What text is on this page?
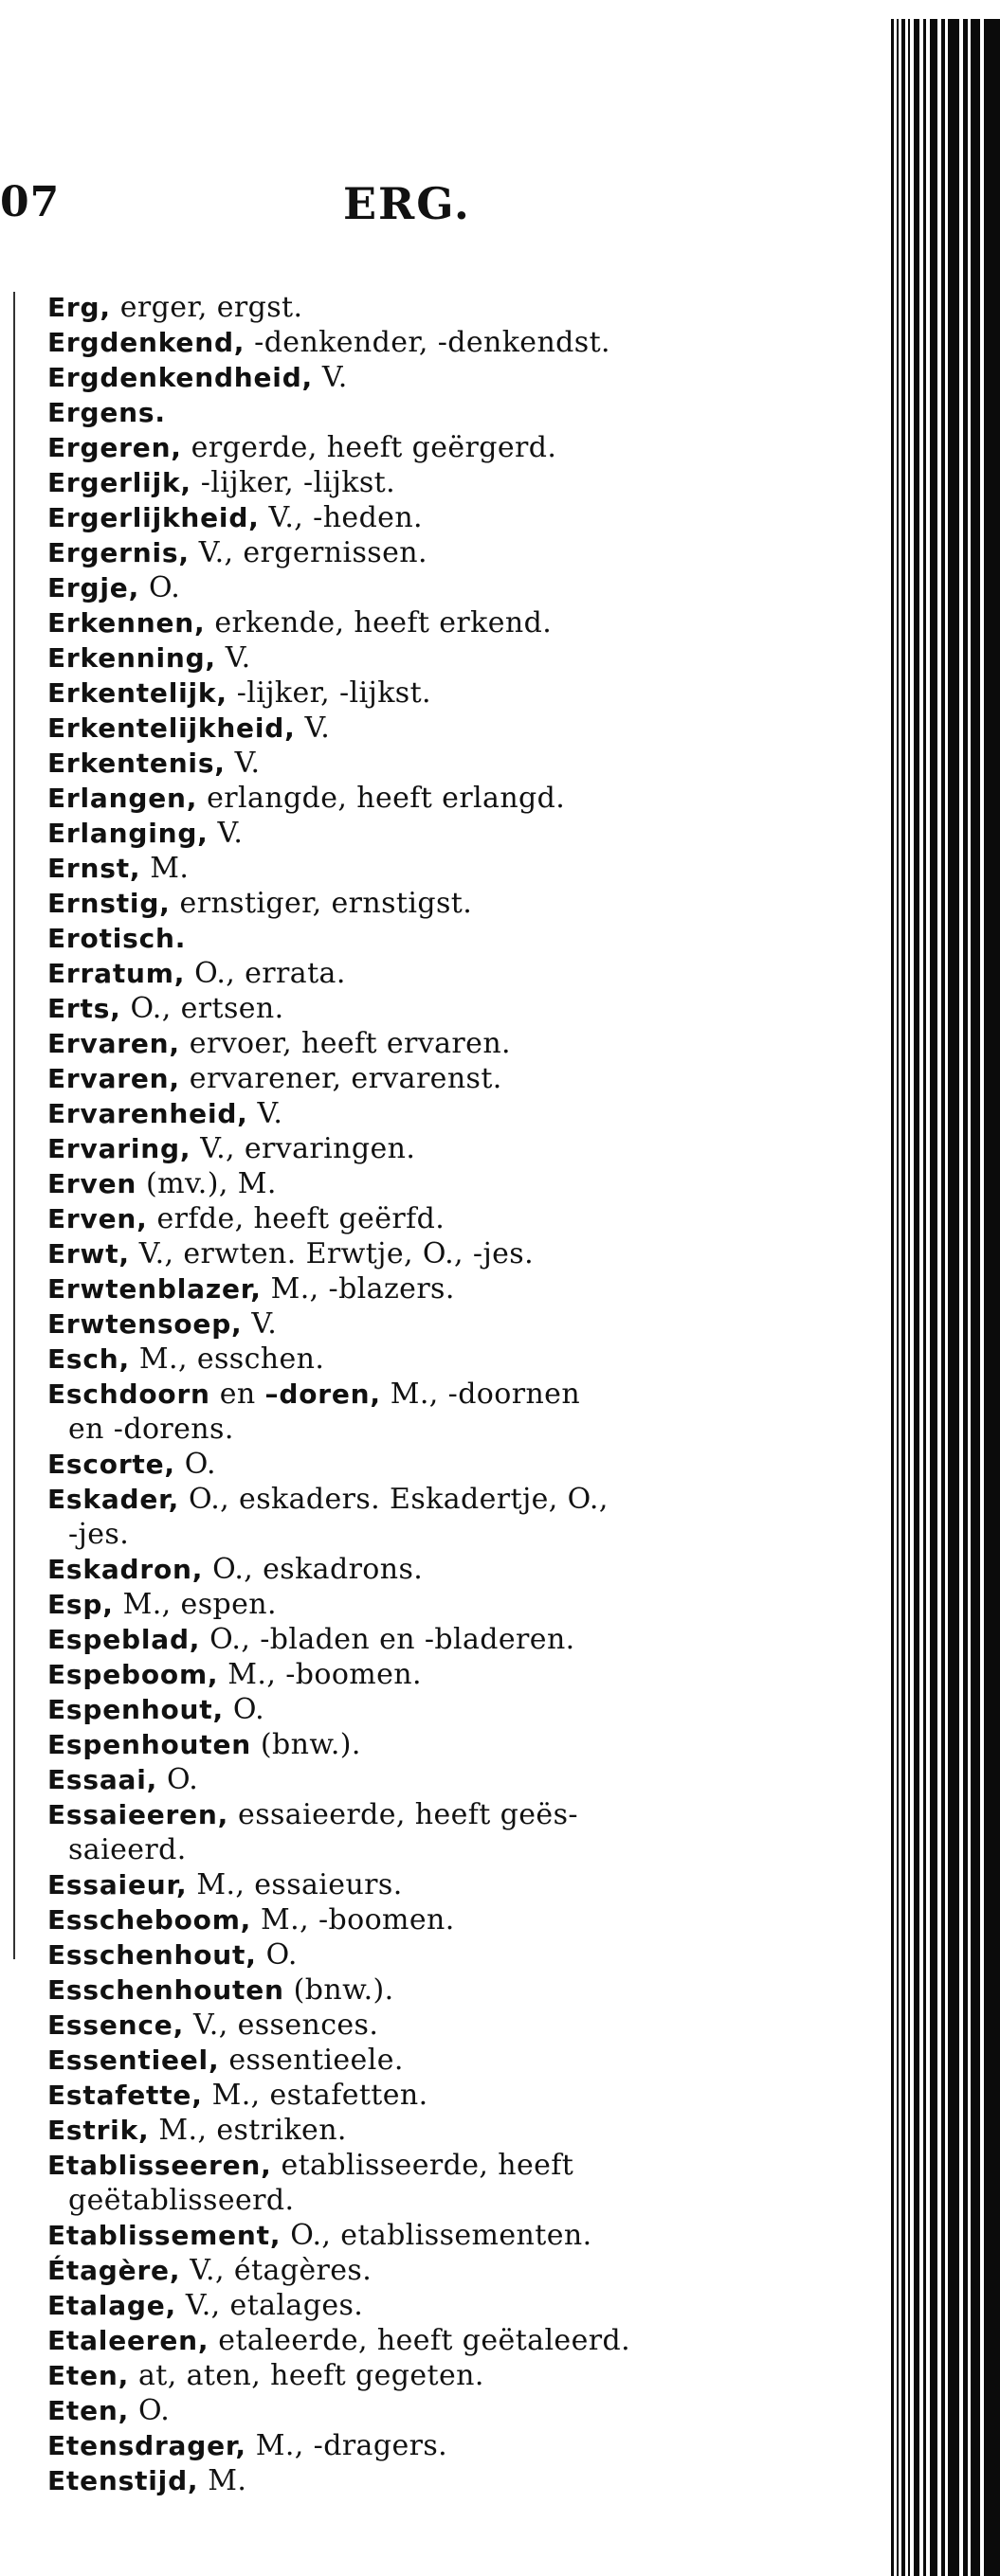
07	ERG.
Erg, erger, ergst.
Ergdenkend, -denkender, -denkendst.
Ergdenkendheid, V.
Ergens.
Ergeren, ergerde, heeft geërgerd.
Ergerlijk, -lijker, -lijkst.
Ergerlijkheid, V., -heden.
Ergernis, V., ergernissen.
Ergje, O.
Erkennen, erkende, heeft erkend.
Erkenning, V.
Erkentelijk, -lijker, -lijkst.
Erkentelijkheid, V.
Erkentenis, V.
Erlangen, erlangde, heeft erlangd.
Erlanging, V.
Ernst, M.
Ernstig, ernstiger, ernstigst.
Erotisch.
Erratum, O., errata.
Erts, O., ertsen.
Ervaren, ervoer, heeft ervaren.
Ervaren, ervarener, ervarenst.
Ervarenheid, V.
Ervaring, V., ervaringen.
Erven (mv.), M.
Erven, erfde, heeft geërfd.
Erwt, V., erwten. Erwtje, O., -jes.
Erwtenblazer, M., -blazers.
Erwtensoep, V.
Esch, M., esschen.
Eschdoorn en –doren, M., -doornen
en -dorens.
Escorte, O.
Eskader, O., eskaders. Eskadertje, O.,
-jes.
Eskadron, O., eskadrons.
Esp, M., espen.
Espeblad, O., -bladen en -bladeren.
Espeboom, M., -boomen.
Espenhout, O.
Espenhouten (bnw.).
Essaai, O.
Essaieeren, essaieerde, heeft geës-
saieerd.
Essaieur, M., essaieurs.
Esscheboom, M., -boomen.
Esschenhout, O.
Esschenhouten (bnw.).
Essence, V., essences.
Essentieel, essentieele.
Estafette, M., estafetten.
Estrik, M., estriken.
Etablisseeren, etablisseerde, heeft
geëtablisseerd.
Etablissement, O., etablissementen.
Étagère, V., étagères.
Etalage, V., etalages.
Etaleeren, etaleerde, heeft geëtaleerd.
Eten, at, aten, heeft gegeten.
Eten, O.
Etensdrager, M., -dragers.
Etenstijd, M.
